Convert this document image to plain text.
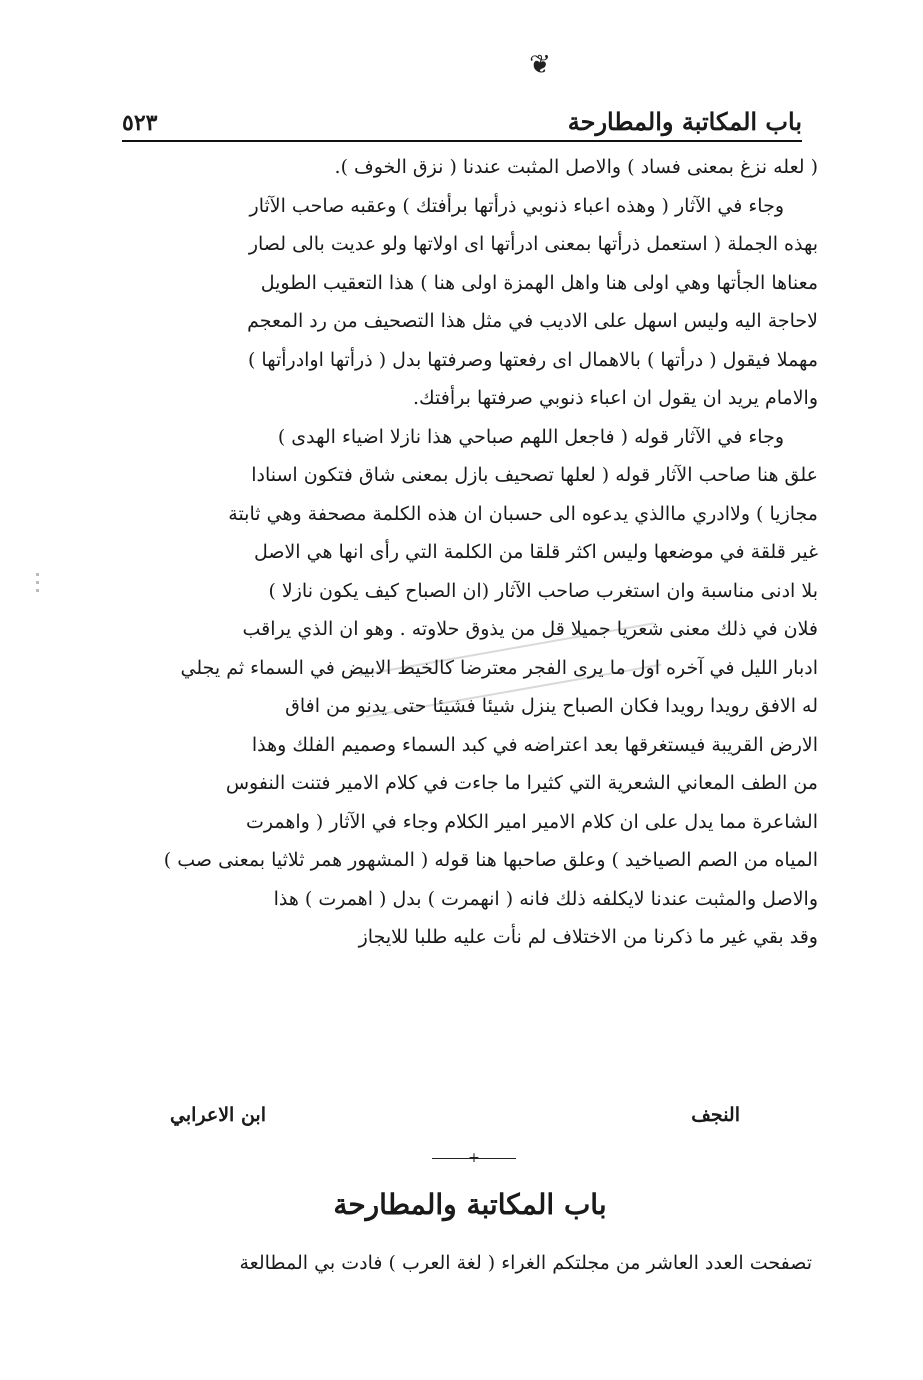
❦
باب المكاتبة والمطارحة
٥٢٣
( لعله نزغ بمعنى فساد ) والاصل المثبت عندنا ( نزق الخوف ).
وجاء في الآثار ( وهذه اعباء ذنوبي ذرأتها برأفتك ) وعقبه صاحب الآثار
بهذه الجملة ( استعمل ذرأتها بمعنى ادرأتها اى اولاتها ولو عديت بالى لصار
معناها الجأتها وهي اولى هنا واهل الهمزة اولى هنا ) هذا التعقيب الطويل
لاحاجة اليه وليس اسهل على الاديب في مثل هذا التصحيف من رد المعجم
مهملا فيقول ( درأتها ) بالاهمال اى رفعتها وصرفتها بدل ( ذرأتها اوادرأتها )
والامام يريد ان يقول ان اعباء ذنوبي صرفتها برأفتك.
وجاء في الآثار قوله ( فاجعل اللهم صباحي هذا نازلا اضياء الهدى )
علق هنا صاحب الآثار قوله ( لعلها تصحيف بازل بمعنى شاق فتكون اسنادا
مجازيا ) ولاادري ماالذي يدعوه الى حسبان ان هذه الكلمة مصحفة وهي ثابتة
غير قلقة في موضعها وليس اكثر قلقا من الكلمة التي رأى انها هي الاصل
بلا ادنى مناسبة وان استغرب صاحب الآثار (ان الصباح كيف يكون نازلا )
فلان في ذلك معنى شعريا جميلا قل من يذوق حلاوته . وهو ان الذي يراقب
ادبار الليل في آخره اول ما يرى الفجر معترضا كالخيط الابيض في السماء ثم يجلي
له الافق رويدا رويدا فكان الصباح ينزل شيئا فشيئا حتى يدنو من افاق
الارض القريبة فيستغرقها بعد اعتراضه في كبد السماء وصميم الفلك وهذا
من الطف المعاني الشعرية التي كثيرا ما جاءت في كلام الامير فتنت النفوس
الشاعرة مما يدل على ان كلام الامير امير الكلام وجاء في الآثار ( واهمرت
المياه من الصم الصياخيد ) وعلق صاحبها هنا قوله ( المشهور همر ثلاثيا بمعنى صب )
والاصل والمثبت عندنا لايكلفه ذلك فانه ( انهمرت ) بدل ( اهمرت ) هذا
وقد بقي غير ما ذكرنا من الاختلاف لم نأت عليه طلبا للايجاز
النجف
ابن الاعرابي
+
باب المكاتبة والمطارحة
تصفحت العدد العاشر من مجلتكم الغراء ( لغة العرب ) فادت بي المطالعة
